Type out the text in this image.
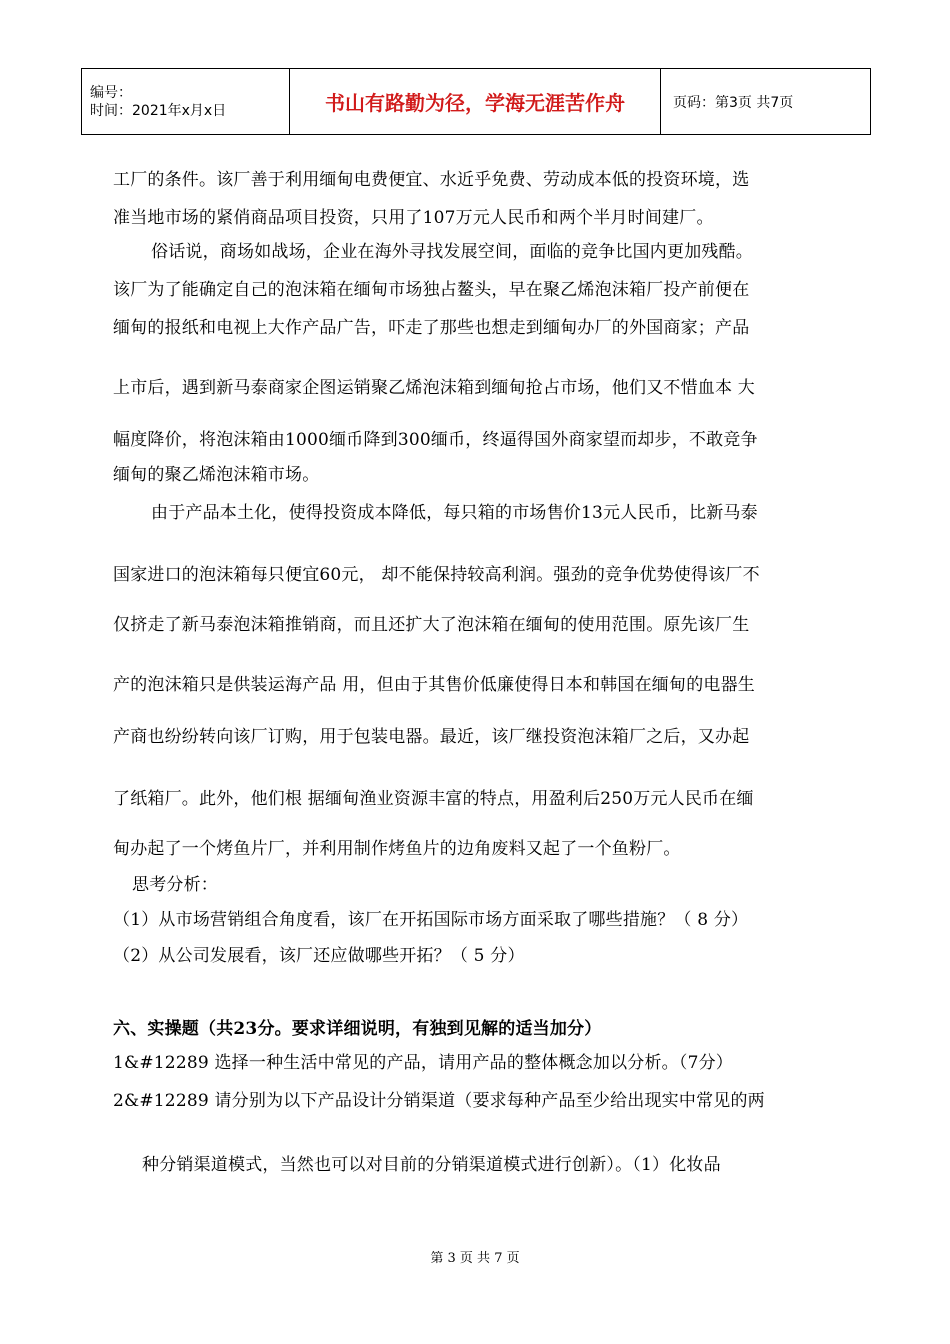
编号：
时间：2021年x月x日	书山有路勤为径，学海无涯苦作舟	页码：第3页 共7页
工厂的条件。该厂善于利用缅甸电费便宜、水近乎免费、劳动成本低的投资环境，选
准当地市场的紧俏商品项目投资，只用了107万元人民币和两个半月时间建厂。
俗话说，商场如战场，企业在海外寻找发展空间，面临的竞争比国内更加残酷。
该厂为了能确定自己的泡沫箱在缅甸市场独占鳌头，早在聚乙烯泡沫箱厂投产前便在
缅甸的报纸和电视上大作产品广告，吓走了那些也想走到缅甸办厂的外国商家；产品
上市后，遇到新马泰商家企图运销聚乙烯泡沫箱到缅甸抢占市场，他们又不惜血本 大
幅度降价，将泡沫箱由1000缅币降到300缅币，终逼得国外商家望而却步，不敢竞争
缅甸的聚乙烯泡沫箱市场。
由于产品本土化，使得投资成本降低，每只箱的市场售价13元人民币，比新马泰
国家进口的泡沫箱每只便宜60元， 却不能保持较高利润。强劲的竞争优势使得该厂不
仅挤走了新马泰泡沫箱推销商，而且还扩大了泡沫箱在缅甸的使用范围。原先该厂生
产的泡沫箱只是供装运海产品 用，但由于其售价低廉使得日本和韩国在缅甸的电器生
产商也纷纷转向该厂订购，用于包装电器。最近，该厂继投资泡沫箱厂之后，又办起
了纸箱厂。此外，他们根 据缅甸渔业资源丰富的特点，用盈利后250万元人民币在缅
甸办起了一个烤鱼片厂，并利用制作烤鱼片的边角废料又起了一个鱼粉厂。
思考分析：
（1）从市场营销组合角度看，该厂在开拓国际市场方面采取了哪些措施？（ 8 分）
（2）从公司发展看，该厂还应做哪些开拓？（ 5 分）
六、实操题（共23分。要求详细说明，有独到见解的适当加分）
1&#12289 选择一种生活中常见的产品，请用产品的整体概念加以分析。（7分）
2&#12289 请分别为以下产品设计分销渠道（要求每种产品至少给出现实中常见的两
种分销渠道模式，当然也可以对目前的分销渠道模式进行创新）。（1）化妆品
第 3 页 共 7 页
